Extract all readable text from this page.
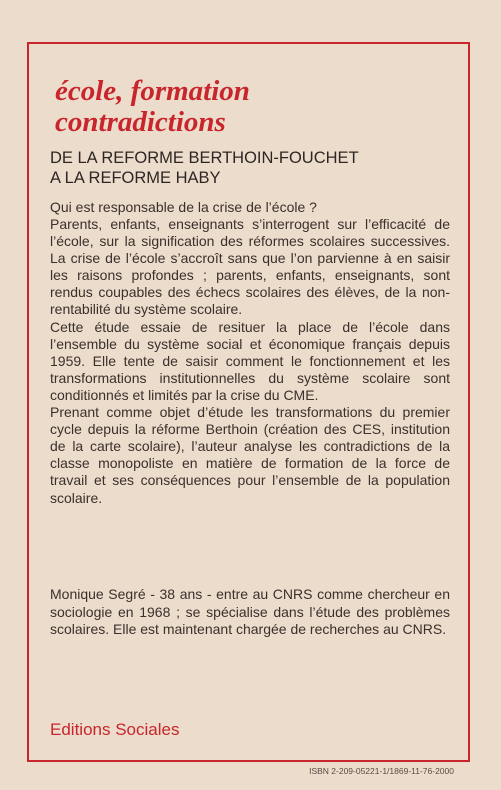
école, formation
contradictions
DE LA REFORME BERTHOIN-FOUCHET
A LA REFORME HABY

Qui est responsable de la crise de l’école ?

Parents, enfants, enseignants s’interrogent sur l’efficacité de l’école, sur la signification des réformes scolaires successives. La crise de l’école s’accroît sans que l’on parvienne à en saisir les raisons profondes ; parents, enfants, enseignants, sont rendus coupables des échecs scolaires des élèves, de la non-rentabilité du système scolaire.

Cette étude essaie de resituer la place de l’école dans l’ensemble du système social et économique français depuis 1959. Elle tente de saisir comment le fonctionnement et les transformations institutionnelles du système scolaire sont conditionnés et limités par la crise du CME.

Prenant comme objet d’étude les transformations du premier cycle depuis la réforme Berthoin (création des CES, institution de la carte scolaire), l’auteur analyse les contradictions de la classe monopoliste en matière de formation de la force de travail et ses conséquences pour l’ensemble de la population scolaire.

Monique Segré - 38 ans - entre au CNRS comme chercheur en sociologie en 1968 ; se spécialise dans l’étude des problèmes scolaires. Elle est maintenant chargée de recherches au CNRS.

Editions Sociales

ISBN 2-209-05221-1/1869-11-76-2000
